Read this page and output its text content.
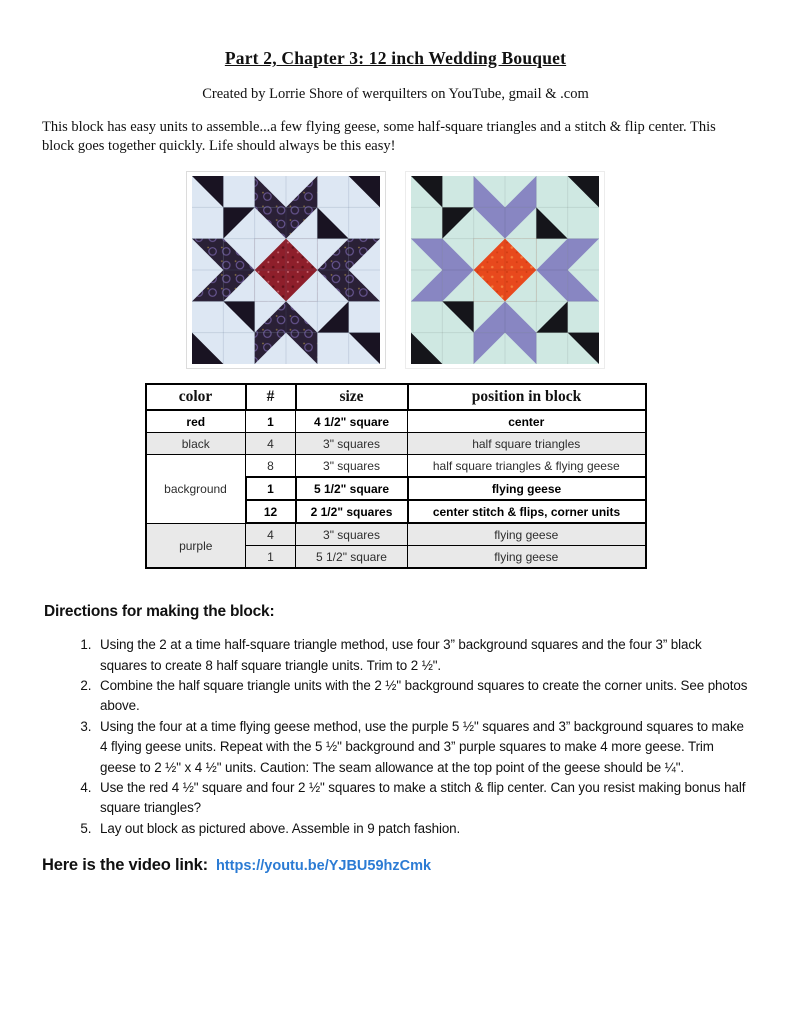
Part 2, Chapter 3: 12 inch Wedding Bouquet
Created by Lorrie Shore of werquilters on YouTube, gmail & .com
This block has easy units to assemble...a few flying geese, some half-square triangles and a stitch & flip center. This block goes together quickly. Life should always be this easy!
color	#	size	position in block
red	1	4 1/2" square	center
black	4	3" squares	half square triangles
background	8	3" squares	half square triangles & flying geese
	1	5 1/2" square	flying geese
	12	2 1/2" squares	center stitch & flips, corner units
purple	4	3" squares	flying geese
	1	5 1/2" square	flying geese
Directions for making the block:
1. Using the 2 at a time half-square triangle method, use four 3” background squares and the four 3” black squares to create 8 half square triangle units. Trim to 2 ½".
2. Combine the half square triangle units with the 2 ½" background squares to create the corner units. See photos above.
3. Using the four at a time flying geese method, use the purple 5 ½" squares and 3” background squares to make 4 flying geese units. Repeat with the 5 ½" background and 3” purple squares to make 4 more geese. Trim geese to 2 ½" x 4 ½" units. Caution: The seam allowance at the top point of the geese should be ¼".
4. Use the red 4 ½" square and four 2 ½" squares to make a stitch & flip center. Can you resist making bonus half square triangles?
5. Lay out block as pictured above. Assemble in 9 patch fashion.
Here is the video link: https://youtu.be/YJBU59hzCmk
